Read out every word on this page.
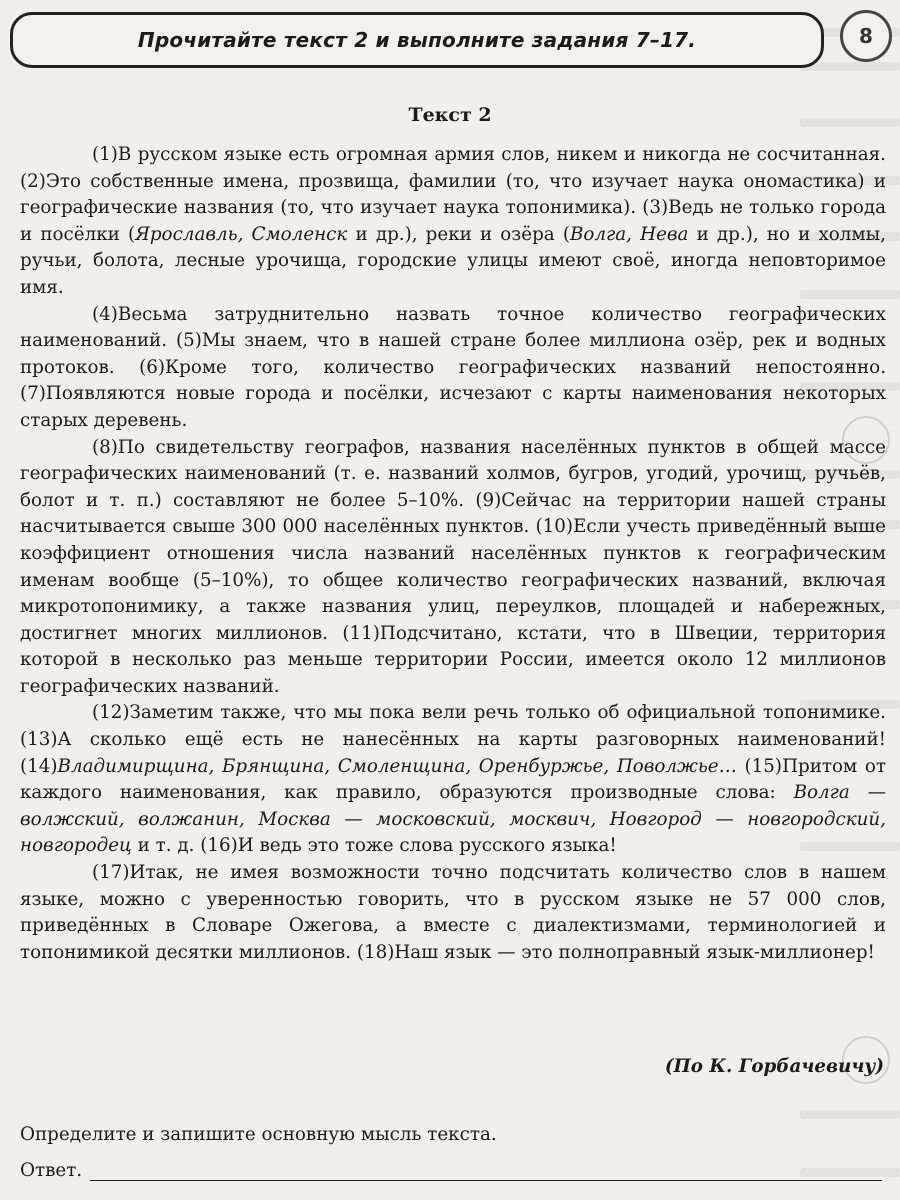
Прочитайте текст 2 и выполните задания 7–17.	8
Текст 2

(1)В русском языке есть огромная армия слов, никем и никогда не сосчитанная. (2)Это собственные имена, прозвища, фамилии (то, что изучает наука ономастика) и географические названия (то, что изучает наука топонимика). (3)Ведь не только города и посёлки (Ярославль, Смоленск и др.), реки и озёра (Волга, Нева и др.), но и холмы, ручьи, болота, лесные урочища, городские улицы имеют своё, иногда неповторимое имя.

(4)Весьма затруднительно назвать точное количество географических наименований. (5)Мы знаем, что в нашей стране более миллиона озёр, рек и водных протоков. (6)Кроме того, количество географических названий непостоянно. (7)Появляются новые города и посёлки, исчезают с карты наименования некоторых старых деревень.

(8)По свидетельству географов, названия населённых пунктов в общей массе географических наименований (т. е. названий холмов, бугров, угодий, урочищ, ручьёв, болот и т. п.) составляют не более 5–10%. (9)Сейчас на территории нашей страны насчитывается свыше 300 000 населённых пунктов. (10)Если учесть приведённый выше коэффициент отношения числа названий населённых пунктов к географическим именам вообще (5–10%), то общее количество географических названий, включая микротопонимику, а также названия улиц, переулков, площадей и набережных, достигнет многих миллионов. (11)Подсчитано, кстати, что в Швеции, территория которой в несколько раз меньше территории России, имеется около 12 миллионов географических названий.

(12)Заметим также, что мы пока вели речь только об официальной топонимике. (13)А сколько ещё есть не нанесённых на карты разговорных наименований! (14)Владимирщина, Брянщина, Смоленщина, Оренбуржье, Поволжье… (15)Притом от каждого наименования, как правило, образуются производные слова: Волга — волжский, волжанин, Москва — московский, москвич, Новгород — новгородский, новгородец и т. д. (16)И ведь это тоже слова русского языка!

(17)Итак, не имея возможности точно подсчитать количество слов в нашем языке, можно с уверенностью говорить, что в русском языке не 57 000 слов, приведённых в Словаре Ожегова, а вместе с диалектизмами, терминологией и топонимикой десятки миллионов. (18)Наш язык — это полноправный язык-миллионер!

(По К. Горбачевичу)
Определите и запишите основную мысль текста.
Ответ.
